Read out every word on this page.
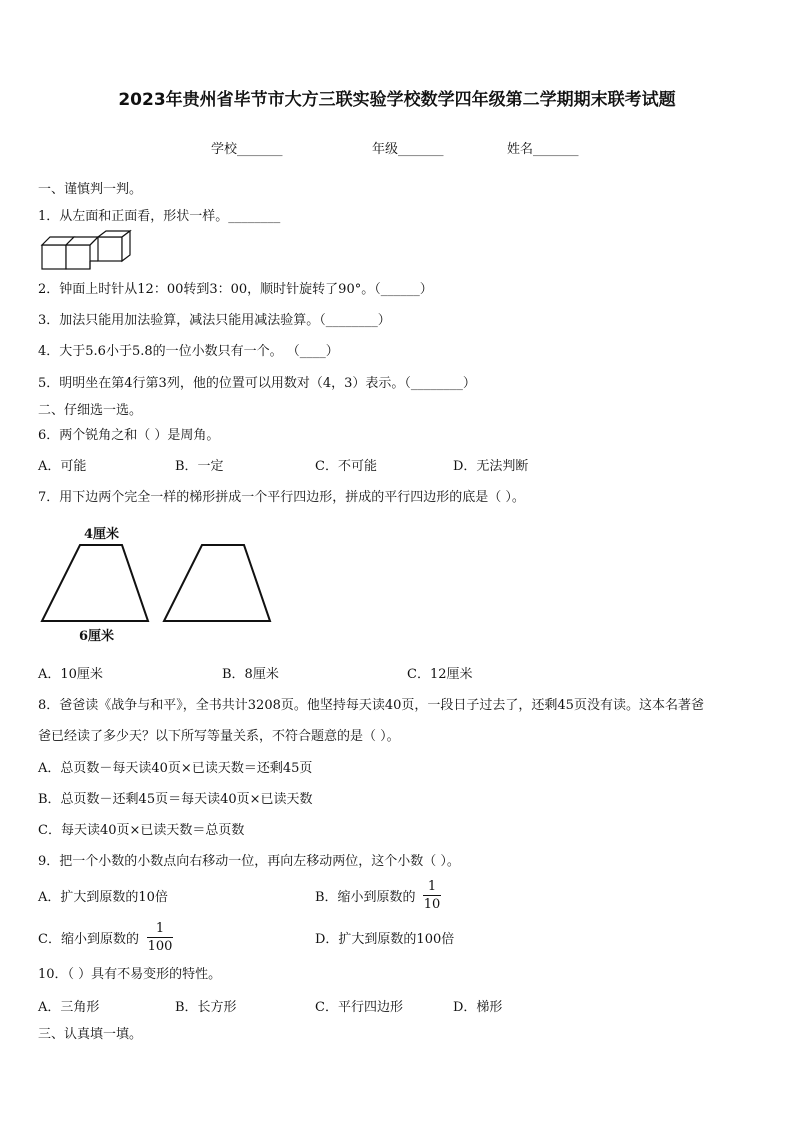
2023年贵州省毕节市大方三联实验学校数学四年级第二学期期末联考试题
学校_______	年级_______	姓名_______
一、谨慎判一判。
1．从左面和正面看，形状一样。________
2．钟面上时针从12：00转到3：00，顺时针旋转了90°。（______）
3．加法只能用加法验算，减法只能用减法验算。（________）
4．大于5.6小于5.8的一位小数只有一个。 （____）
5．明明坐在第4行第3列，他的位置可以用数对（4，3）表示。（________）
二、仔细选一选。
6．两个锐角之和（ ）是周角。
A．可能	B．一定	C．不可能	D．无法判断
7．用下边两个完全一样的梯形拼成一个平行四边形，拼成的平行四边形的底是（ ）。
4厘米
6厘米
A．10厘米	B．8厘米	C．12厘米
8．爸爸读《战争与和平》，全书共计3208页。他坚持每天读40页，一段日子过去了，还剩45页没有读。这本名著爸
爸已经读了多少天？以下所写等量关系，不符合题意的是（ ）。
A．总页数－每天读40页×已读天数＝还剩45页
B．总页数－还剩45页＝每天读40页×已读天数
C．每天读40页×已读天数＝总页数
9．把一个小数的小数点向右移动一位，再向左移动两位，这个小数（ ）。
A．扩大到原数的10倍	B．缩小到原数的
1
10
C．缩小到原数的
1
100	D．扩大到原数的100倍
10．（ ）具有不易变形的特性。
A．三角形	B．长方形	C．平行四边形	D．梯形
三、认真填一填。
